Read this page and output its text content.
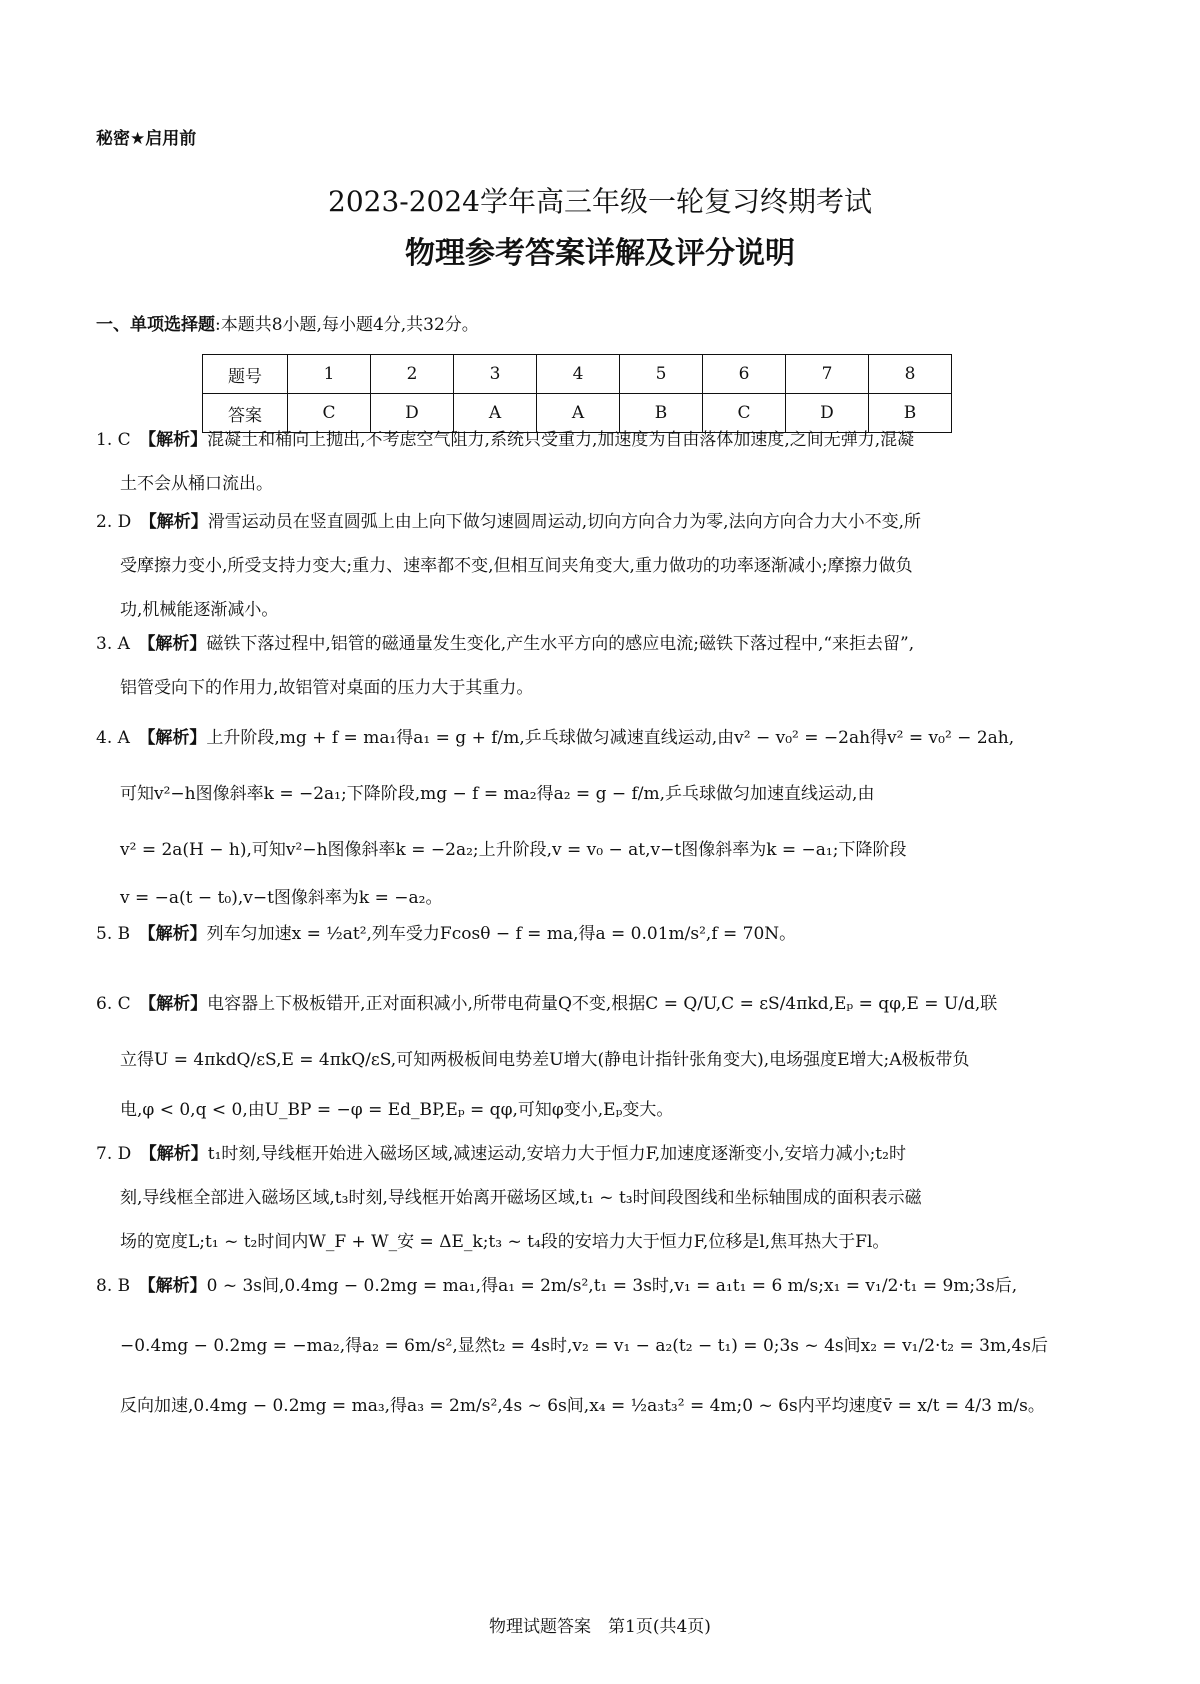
秘密★启用前
2023-2024学年高三年级一轮复习终期考试
物理参考答案详解及评分说明
一、单项选择题:本题共8小题,每小题4分,共32分。
题号	1	2	3	4	5	6	7	8
答案	C	D	A	A	B	C	D	B

1. C　 【解析】混凝土和桶向上抛出,不考虑空气阻力,系统只受重力,加速度为自由落体加速度,之间无弹力,混凝

土不会从桶口流出。

2. D　 【解析】滑雪运动员在竖直圆弧上由上向下做匀速圆周运动,切向方向合力为零,法向方向合力大小不变,所

受摩擦力变小,所受支持力变大;重力、速率都不变,但相互间夹角变大,重力做功的功率逐渐减小;摩擦力做负

功,机械能逐渐减小。

3. A　 【解析】磁铁下落过程中,铝管的磁通量发生变化,产生水平方向的感应电流;磁铁下落过程中,“来拒去留”,

铝管受向下的作用力,故铝管对桌面的压力大于其重力。

4. A　 【解析】上升阶段,mg + f = ma₁得a₁ = g + f/m,乒乓球做匀减速直线运动,由v² − v₀² = −2ah得v² = v₀² − 2ah,

可知v²−h图像斜率k = −2a₁;下降阶段,mg − f = ma₂得a₂ = g − f/m,乒乓球做匀加速直线运动,由

v² = 2a(H − h),可知v²−h图像斜率k = −2a₂;上升阶段,v = v₀ − at,v−t图像斜率为k = −a₁;下降阶段

v = −a(t − t₀),v−t图像斜率为k = −a₂。

5. B　 【解析】列车匀加速x = ½at²,列车受力Fcosθ − f = ma,得a = 0.01m/s²,f = 70N。

6. C　 【解析】电容器上下极板错开,正对面积减小,所带电荷量Q不变,根据C = Q/U,C = εS/4πkd,Eₚ = qφ,E = U/d,联

立得U = 4πkdQ/εS,E = 4πkQ/εS,可知两极板间电势差U增大(静电计指针张角变大),电场强度E增大;A极板带负

电,φ < 0,q < 0,由U_BP = −φ = Ed_BP,Eₚ = qφ,可知φ变小,Eₚ变大。

7. D　 【解析】t₁时刻,导线框开始进入磁场区域,减速运动,安培力大于恒力F,加速度逐渐变小,安培力减小;t₂时

刻,导线框全部进入磁场区域,t₃时刻,导线框开始离开磁场区域,t₁ ~ t₃时间段图线和坐标轴围成的面积表示磁

场的宽度L;t₁ ~ t₂时间内W_F + W_安 = ΔE_k;t₃ ~ t₄段的安培力大于恒力F,位移是l,焦耳热大于Fl。

8. B　 【解析】0 ~ 3s间,0.4mg − 0.2mg = ma₁,得a₁ = 2m/s²,t₁ = 3s时,v₁ = a₁t₁ = 6 m/s;x₁ = v₁/2·t₁ = 9m;3s后,

−0.4mg − 0.2mg = −ma₂,得a₂ = 6m/s²,显然t₂ = 4s时,v₂ = v₁ − a₂(t₂ − t₁) = 0;3s ~ 4s间x₂ = v₁/2·t₂ = 3m,4s后

反向加速,0.4mg − 0.2mg = ma₃,得a₃ = 2m/s²,4s ~ 6s间,x₄ = ½a₃t₃² = 4m;0 ~ 6s内平均速度v̄ = x/t = 4/3 m/s。

物理试题答案　第1页(共4页)
